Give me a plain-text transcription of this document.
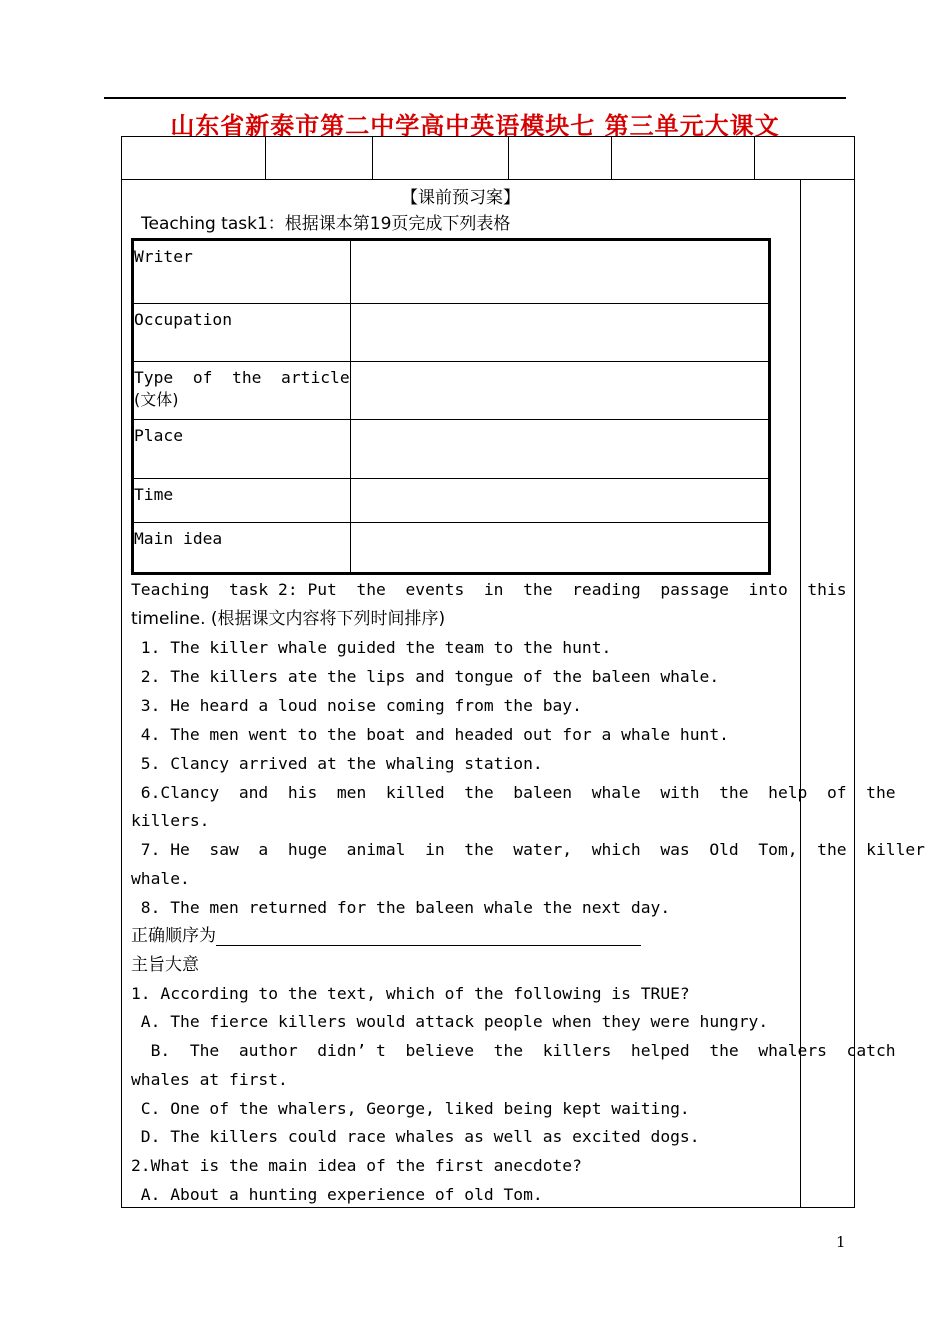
山东省新泰市第二中学高中英语模块七 第三单元大课文
【课前预习案】
Teaching task1：根据课本第19页完成下列表格
Writer	
Occupation	
Type  of  the  article
(文体)	
Place	
Time	
Main idea	
Teaching  task 2: Put  the  events  in  the  reading  passage  into  this
timeline. (根据课文内容将下列时间排序)
1. The killer whale guided the team to the hunt.
2. The killers ate the lips and tongue of the baleen whale.
3. He heard a loud noise coming from the bay.
4. The men went to the boat and headed out for a whale hunt.
5. Clancy arrived at the whaling station.
6.Clancy  and  his  men  killed  the  baleen  whale  with  the  help  of  the
killers.
7. He  saw  a  huge  animal  in  the  water,  which  was  Old  Tom,  the  killer
whale.
8. The men returned for the baleen whale the next day.
正确顺序为
主旨大意
1. According to the text, which of the following is TRUE?
A. The fierce killers would attack people when they were hungry.
B.  The  author  didn’ t  believe  the  killers  helped  the  whalers  catch
whales at first.
C. One of the whalers, George, liked being kept waiting.
D. The killers could race whales as well as excited dogs.
2.What is the main idea of the first anecdote?
A. About a hunting experience of old Tom.
1
